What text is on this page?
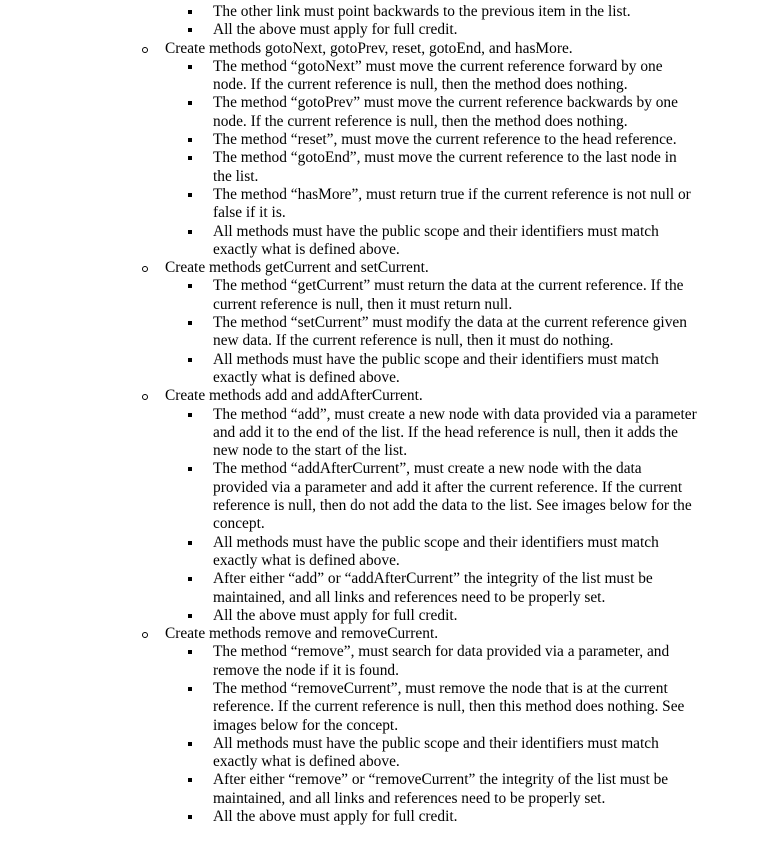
The other link must point backwards to the previous item in the list.
All the above must apply for full credit.
Create methods gotoNext, gotoPrev, reset, gotoEnd, and hasMore.
The method “gotoNext” must move the current reference forward by one node. If the current reference is null, then the method does nothing.
The method “gotoPrev” must move the current reference backwards by one node. If the current reference is null, then the method does nothing.
The method “reset”, must move the current reference to the head reference.
The method “gotoEnd”, must move the current reference to the last node in the list.
The method “hasMore”, must return true if the current reference is not null or false if it is.
All methods must have the public scope and their identifiers must match exactly what is defined above.
Create methods getCurrent and setCurrent.
The method “getCurrent” must return the data at the current reference. If the current reference is null, then it must return null.
The method “setCurrent” must modify the data at the current reference given new data. If the current reference is null, then it must do nothing.
All methods must have the public scope and their identifiers must match exactly what is defined above.
Create methods add and addAfterCurrent.
The method “add”, must create a new node with data provided via a parameter and add it to the end of the list. If the head reference is null, then it adds the new node to the start of the list.
The method “addAfterCurrent”, must create a new node with the data provided via a parameter and add it after the current reference. If the current reference is null, then do not add the data to the list. See images below for the concept.
All methods must have the public scope and their identifiers must match exactly what is defined above.
After either “add” or “addAfterCurrent” the integrity of the list must be maintained, and all links and references need to be properly set.
All the above must apply for full credit.
Create methods remove and removeCurrent.
The method “remove”, must search for data provided via a parameter, and remove the node if it is found.
The method “removeCurrent”, must remove the node that is at the current reference. If the current reference is null, then this method does nothing. See images below for the concept.
All methods must have the public scope and their identifiers must match exactly what is defined above.
After either “remove” or “removeCurrent” the integrity of the list must be maintained, and all links and references need to be properly set.
All the above must apply for full credit.
